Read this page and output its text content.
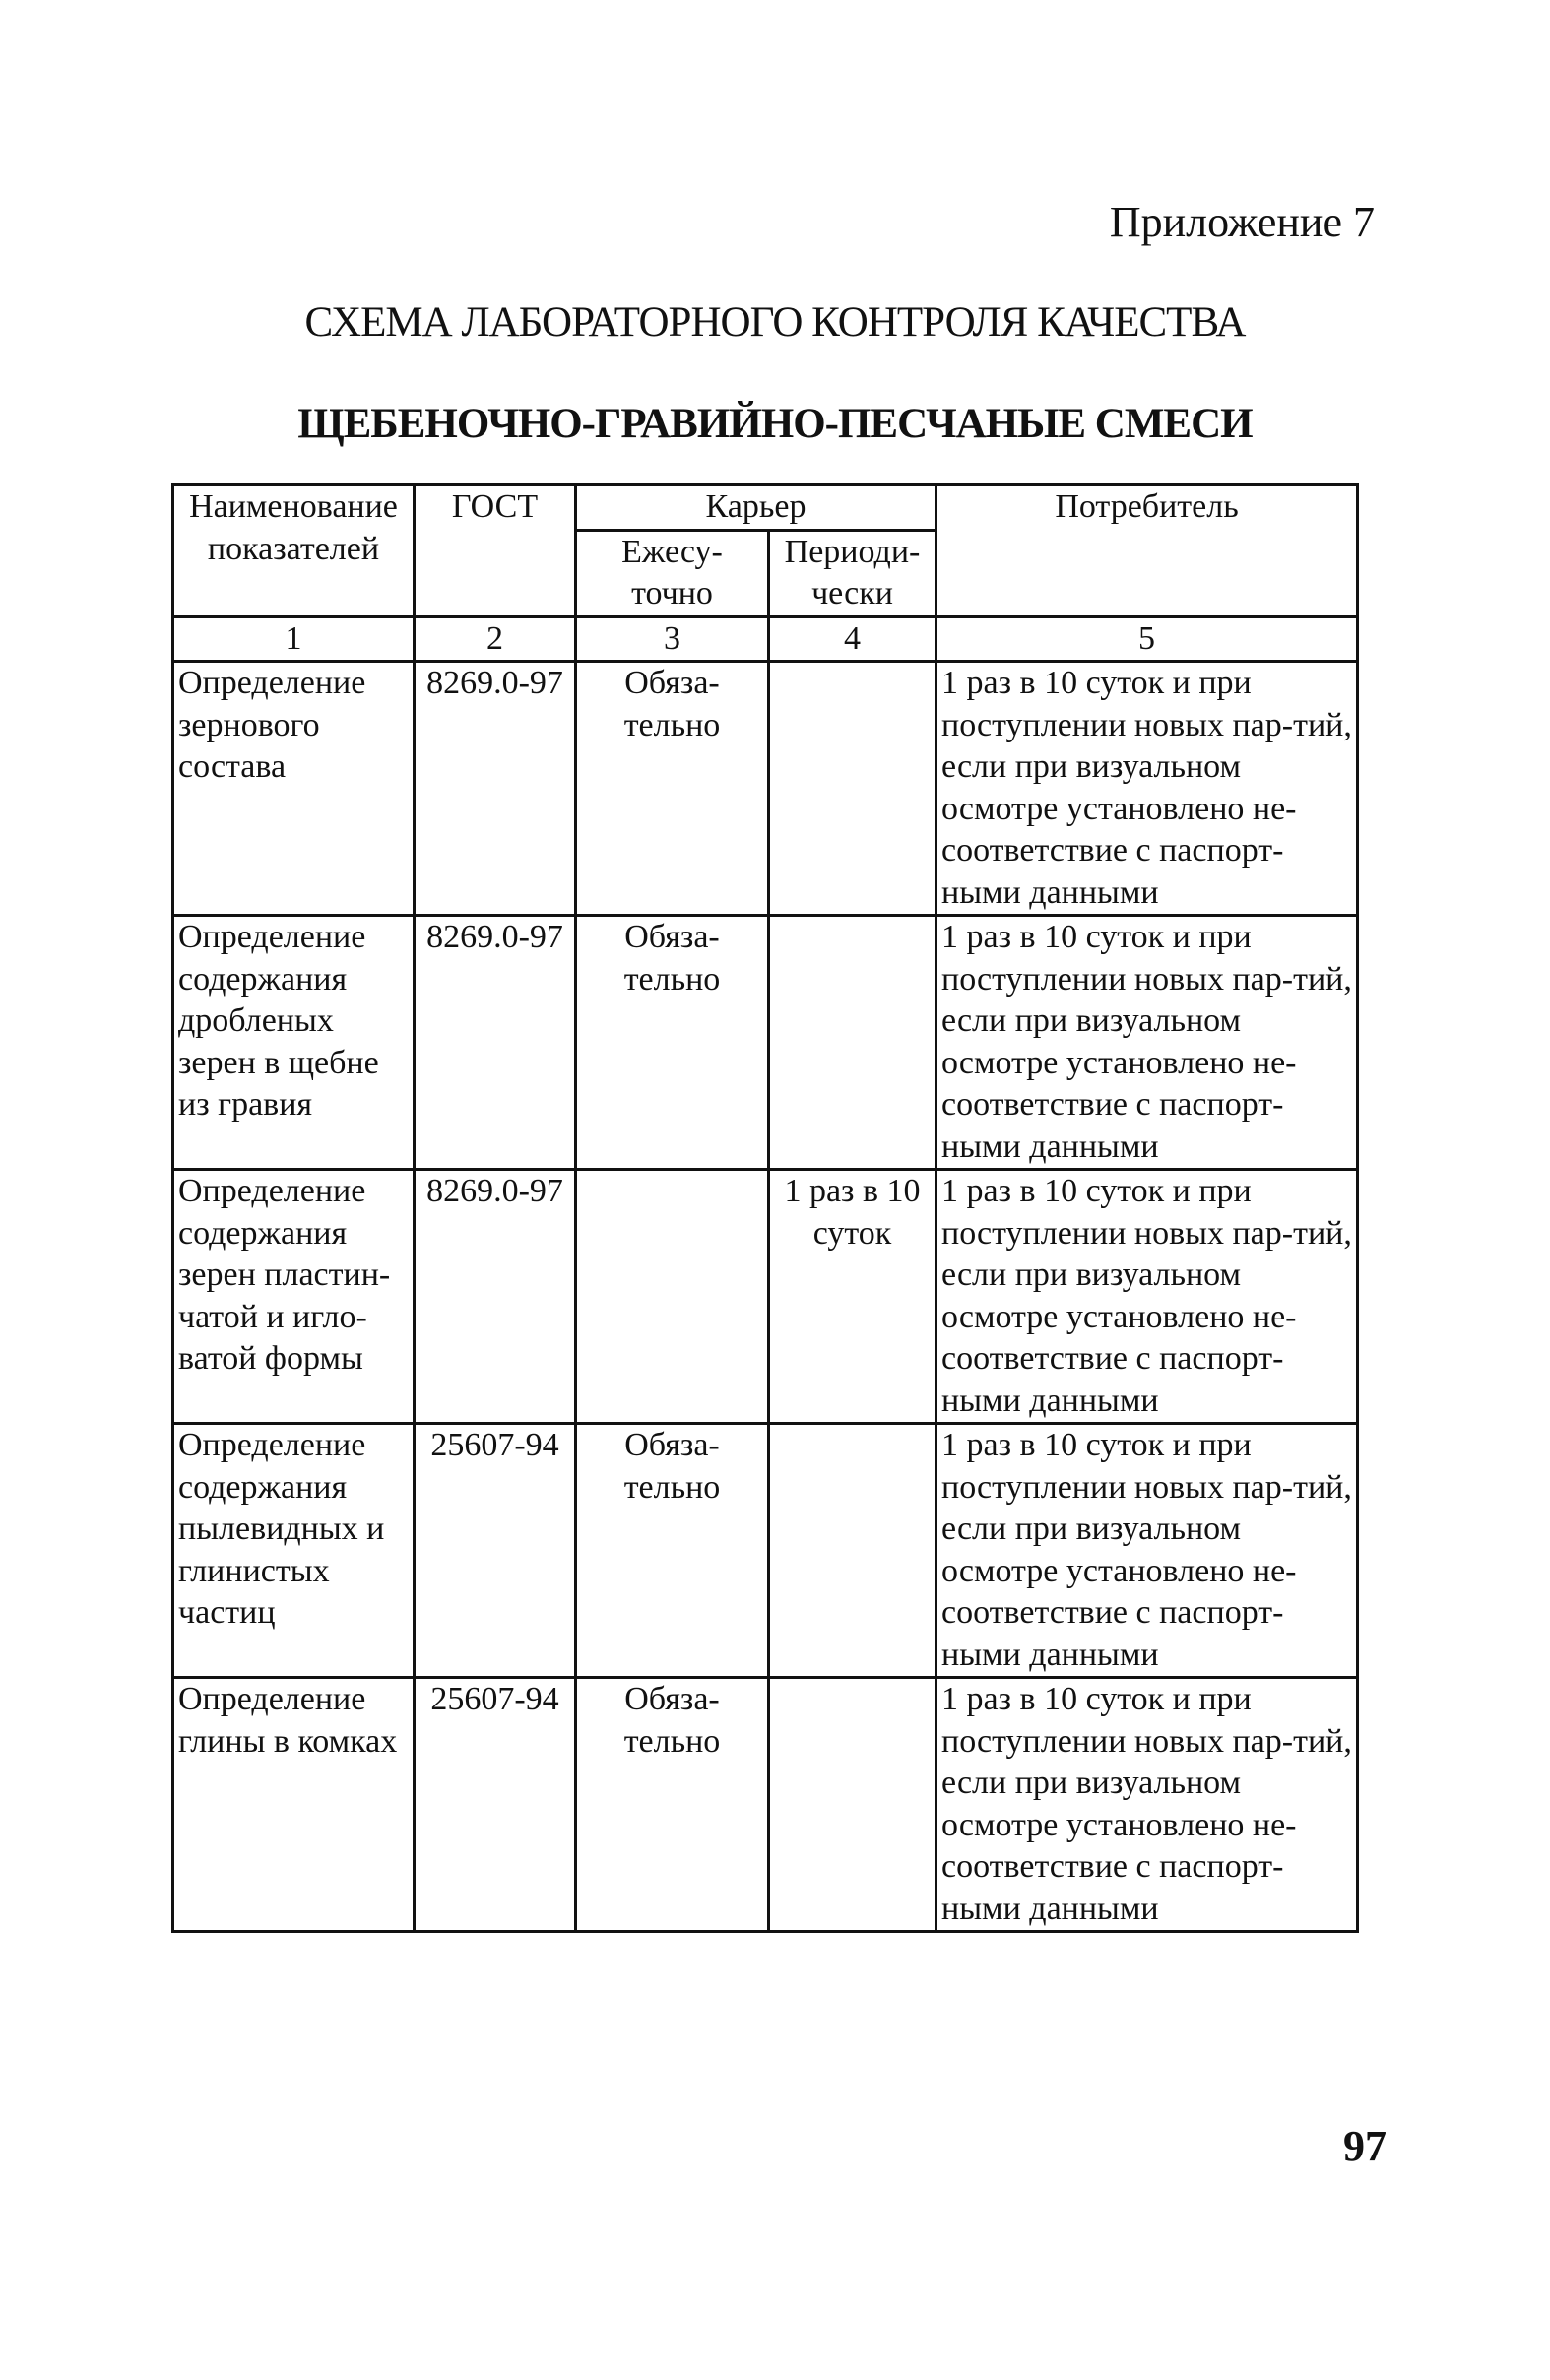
Приложение 7
СХЕМА ЛАБОРАТОРНОГО КОНТРОЛЯ КАЧЕСТВА
ЩЕБЕНОЧНО-ГРАВИЙНО-ПЕСЧАНЫЕ СМЕСИ
Наименование показателей	ГОСТ	Карьер		Потребитель
		Ежесу-точно	Периоди-чески	
1	2	3	4	5
Определение зернового состава	8269.0-97	Обяза-тельно		1 раз в 10 суток и при поступлении новых пар-тий, если при визуальном осмотре установлено не-соответствие с паспорт-ными данными
Определение содержания дробленых зерен в щебне из гравия	8269.0-97	Обяза-тельно		1 раз в 10 суток и при поступлении новых пар-тий, если при визуальном осмотре установлено не-соответствие с паспорт-ными данными
Определение содержания зерен пластин-чатой и игло-ватой формы	8269.0-97		1 раз в 10 суток	1 раз в 10 суток и при поступлении новых пар-тий, если при визуальном осмотре установлено не-соответствие с паспорт-ными данными
Определение содержания пылевидных и глинистых частиц	25607-94	Обяза-тельно		1 раз в 10 суток и при поступлении новых пар-тий, если при визуальном осмотре установлено не-соответствие с паспорт-ными данными
Определение глины в комках	25607-94	Обяза-тельно		1 раз в 10 суток и при поступлении новых пар-тий, если при визуальном осмотре установлено не-соответствие с паспорт-ными данными
97
